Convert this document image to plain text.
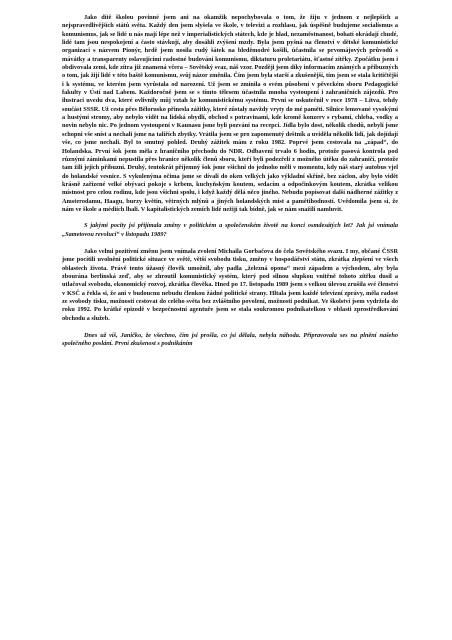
Jako dítě školou povinné jsem ani na okamžik nepochybovala o tom, že žiju v jednom z nejlepších a nejspravedlivějších států světa. Každý den jsem slyšela ve škole, v televizi a rozhlasu, jak úspěšně budujeme socialismus a komunismus, jak se lidé u nás mají lépe než v imperialistických státech, kde je hlad, nezaměstnanost, bohatí okrádají chudé, lidé tam jsou nespokojení a často stávkují, aby dosáhli zvýšení mzdy. Byla jsem pyšná na členství v dětské komunistické organizaci s názvem Pionýr, hrdě jsem nosila rudý šátek na bleděmodré košili, účastnila se prvomájových průvodů s mávátky a transparenty oslavujícími radostné budování komunismu, diktaturu proletariátu, šťastné zítřky. Zpočátku jsem i obdivovala zemi, kde zítra již znamená včera – Sovětský svaz, náš vzor. Později jsem díky informacím známých a příbuzných o tom, jak žijí lidé v této baště komunismu, svůj názor změnila. Čím jsem byla starší a zkušenější, tím jsem se stala kritičtější i k systému, ve kterém jsem vyrůstala od narození. Už jsem se zmínila o svém působení v pěveckém sboru Pedagogické fakulty v Ústí nad Labem. Každoročně jsem se s tímto tělesem účastnila mnoha vystoupení i zahraničních zájezdů. Pro ilustraci uvedu dva, které ovlivnily můj vztah ke komunistickému systému. První se uskutečnil v roce 1978 – Litva, tehdy součást SSSR. Už cesta přes Bělorusko přinesla zážitky, které zůstaly navždy vryty do mé paměti. Silnice lemované vysokými a hustými stromy, aby nebylo vidět na lidská obydlí, obchod s potravinami, kde kromě konzerv s rybami, chleba, vodky a novin nebylo nic. Po jednom vystoupení v Kaunasu jsme byli pozváni na recepci. Jídla bylo dost, několik chodů, nebylí jsme schopni vše sníst a nechali jsme na talířích zbytky. Vrátila jsem se pro zapomenutý deštník a uviděla několik lidí, jak dojídají vše, co jsme nechali. Byl to smutný pohled. Druhý zážitek mám z roku 1982. Poprvé jsem cestovala na „západ“, do Holandska. První šok jsem měla z hraničního přechodu do NDR. Odbavení trvalo 6 hodin, protože pasová kontrola pod různými záminkami nepustila přes hranice několik členů sboru, kteří byli podezřelí z možného útěku do zahraničí, protože tam žili jejich příbuzní. Druhý, tentokrát příjemný šok jsme všichni do jednoho měli v momentu, kdy náš starý autobus vjel do holandské vesnice. S vykulenýma očima jsme se dívali do oken velkých jako výkladní skříně, bez záclon, aby bylo vidět krásně zařízené velké obývací pokoje s krbem, kuchyňským koutem, sedacím a odpočinkovým koutem, zkrátka velikou místnost pro celou rodinu, kde jsou všichni spolu, i když každý dělá něco jiného. Nebudu popisovat další nádherné zážitky z Amsterodamu, Haagu, burzy květin, větrných mlýnů a jiných holandských míst a pamětihodností. Uvědomila jsem si, že nám ve škole a médiích lhali. V kapitalistických zemích lidé nežijí tak bídně, jak se nám snažili namluvit.

S jakými pocity jsi přijímala změny v politickém a společenském životě na konci osmdesátých let? Jak jsi vnímala „Sametovou revoluci“ v listopadu 1989?

Jako velmi pozitivní změnu jsem vnímala zvolení Michaila Gorbačova do čela Sovětského svazu. I my, občané ČSSR jsme pocítili uvolnění politické situace ve světě, větší svobodu tisku, změny v hospodářství státu, zkrátka zlepšení ve všech oblastech života. Právě tento úžasný člověk umožnil, aby padla „železná opona“ mezi západem a východem, aby byla zbourána berlínská zeď, aby se zhroutil komunistický systém, který pod silnou slupkou vnitřně tohoto zítřku dusil a utlačoval svobodu, ekonomický rozvoj, zkrátka člověka. Hned po 17. listopadu 1989 jsem s velkou úlevou zrušila své členství v KSČ a řekla si, že ani v budoucnu nebudu členkou žádné politické strany. Hltala jsem každé televizní zprávy, měla radost ze svobody tisku, možnosti cestovat do celého světa bez zvláštního povolení, možnosti podnikat. Ve školství jsem vydržela do roku 1992. Po krátké epizodě v bezpečnostní agentuře jsem se stala soukromou podnikatelkou v oblasti zprostředkování obchodu a služeb.

Dnes už víš, Janičko, že všechno, čím jsi prošla, co jsi dělala, nebyla náhoda. Připravovala ses na plnění našeho společného poslání. První zkušenost s podnikáním
